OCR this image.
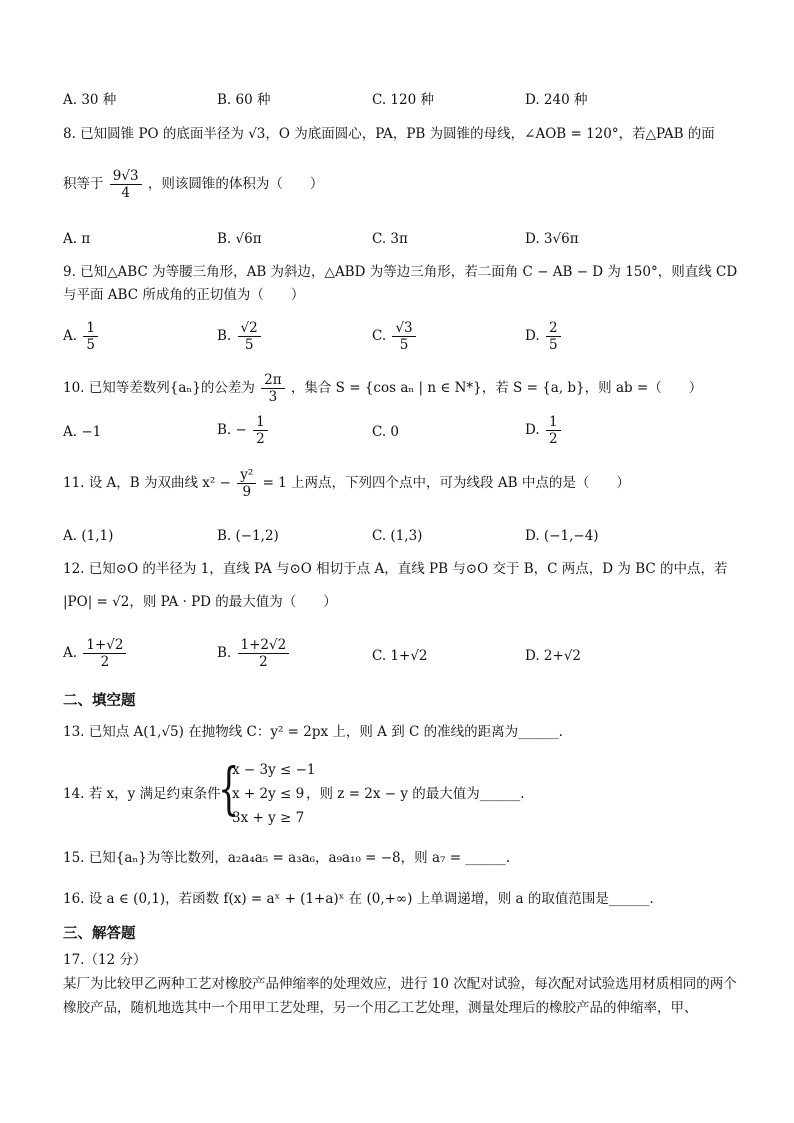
A. 30 种	B. 60 种	C. 120 种	D. 240 种
8. 已知圆锥 PO 的底面半径为 √3，O 为底面圆心，PA，PB 为圆锥的母线，∠AOB = 120°，若△PAB 的面
积等于 $\frac{9√3}{4}$ ，则该圆锥的体积为（　　）
A. π	B. √6π	C. 3π	D. 3√6π
9. 已知△ABC 为等腰三角形，AB 为斜边，△ABD 为等边三角形，若二面角 C − AB − D 为 150°，则直线 CD
与平面 ABC 所成角的正切值为（　　）
A. $\frac{1}{5}$	B. $\frac{√2}{5}$	C. $\frac{√3}{5}$	D. $\frac{2}{5}$
10. 已知等差数列{aₙ}的公差为 $\frac{2\pi}{3}$ ，集合 S = {cos aₙ | n ∈ N*}，若 S = {a, b}，则 ab =（　　）
A. −1	B. − $\frac{1}{2}$	C. 0	D. $\frac{1}{2}$
11. 设 A，B 为双曲线 $x^2 - \frac{\text{y²}}{9} = 1$ 上两点，下列四个点中，可为线段 AB 中点的是（　　）
A. (1,1)	B. (−1,2)	C. (1,3)	D. (−1,−4)
12. 已知⊙O 的半径为 1，直线 PA 与⊙O 相切于点 A，直线 PB 与⊙O 交于 B，C 两点，D 为 BC 的中点，若
|PO| = √2，则 PA · PD 的最大值为（　　）
A. $\frac{1+√2}{2}$	B. $\frac{1+2√2}{2}$	C. 1+√2	D. 2+√2
二、填空题
13. 已知点 A(1,√5) 在抛物线 C：y² = 2px 上，则 A 到 C 的准线的距离为______.
14. 若 x，y 满足约束条件
{
x − 3y ≤ −1
x + 2y ≤ 9
3x + y ≥ 7
，则 z = 2x − y 的最大值为______.
15. 已知{aₙ}为等比数列，a₂a₄a₅ = a₃a₆，a₉a₁₀ = −8，则 a₇ = ______.
16. 设 a ∈ (0,1)，若函数 f(x) = aˣ + (1+a)ˣ 在 (0,+∞) 上单调递增，则 a 的取值范围是______.
三、解答题
17.（12 分）
某厂为比较甲乙两种工艺对橡胶产品伸缩率的处理效应，进行 10 次配对试验，每次配对试验选用材质相同的两个橡胶产品，随机地选其中一个用甲工艺处理，另一个用乙工艺处理，测量处理后的橡胶产品的伸缩率，甲、
